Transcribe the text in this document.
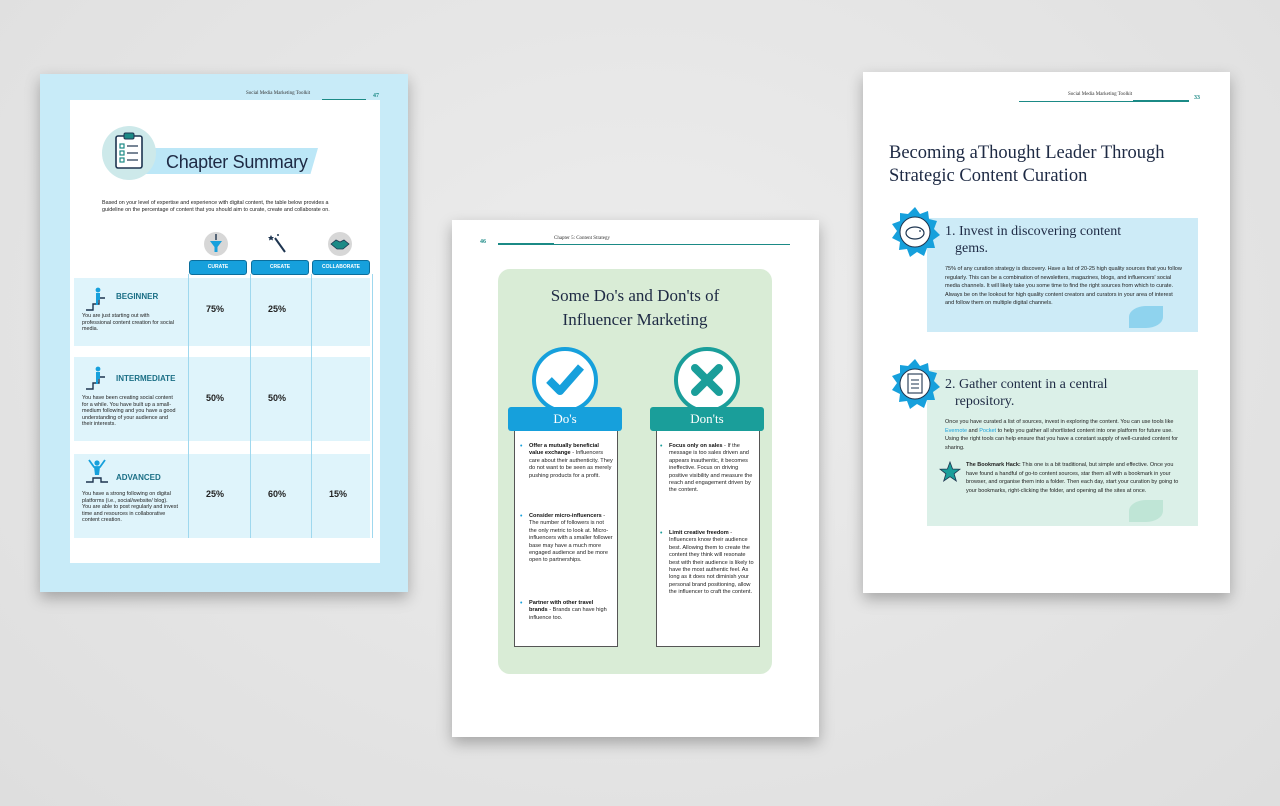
Social Media Marketing Toolkit	47
Chapter Summary
Based on your level of expertise and experience with digital content, the table below provides a guideline on the percentage of content that you should aim to curate, create and collaborate on.
CURATE	CREATE	COLLABORATE
BEGINNER
You are just starting out with professional content creation for social media.
75%	25%
INTERMEDIATE
You have been creating social content for a while. You have built up a small-medium following and you have a good understanding of your audience and their interests.
50%	50%
ADVANCED
You have a strong following on digital platforms (i.e., social/website/ blog). You are able to post regularly and invest time and resources in collaborative content creation.
25%	60%	15%
46
Chapter 5: Content Strategy
Some Do's and Don'ts of
Influencer Marketing
• Offer a mutually beneficial value exchange - Influencers care about their authenticity. They do not want to be seen as merely pushing products for a profit.
• Consider micro-influencers - The number of followers is not the only metric to look at. Micro-influencers with a smaller follower base may have a much more engaged audience and be more open to partnerships.
• Partner with other travel brands - Brands can have high influence too.
• Focus only on sales - If the message is too sales driven and appears inauthentic, it becomes ineffective. Focus on driving positive visibility and measure the reach and engagement driven by the content.
• Limit creative freedom - Influencers know their audience best. Allowing them to create the content they think will resonate best with their audience is likely to have the most authentic feel. As long as it does not diminish your personal brand positioning, allow the influencer to craft the content.
Do's	Don'ts
Social Media Marketing Toolkit
33
Becoming aThought Leader Through
Strategic Content Curation
1. Invest in discovering content
gems.
75% of any curation strategy is discovery. Have a list of 20-25 high quality sources that you follow regularly. This can be a combination of newsletters, magazines, blogs, and influencers' social media channels. It will likely take you some time to find the right sources from which to curate. Always be on the lookout for high quality content creators and curators in your area of interest and follow them on multiple digital channels.
2. Gather content in a central
repository.
Once you have curated a list of sources, invest in exploring the content. You can use tools like Evernote and Pocket to help you gather all shortlisted content into one platform for future use. Using the right tools can help ensure that you have a constant supply of well-curated content for sharing.
The Bookmark Hack: This one is a bit traditional, but simple and effective. Once you have found a handful of go-to content sources, star them all with a bookmark in your browser, and organise them into a folder. Then each day, start your curation by going to your bookmarks, right-clicking the folder, and opening all the sites at once.
